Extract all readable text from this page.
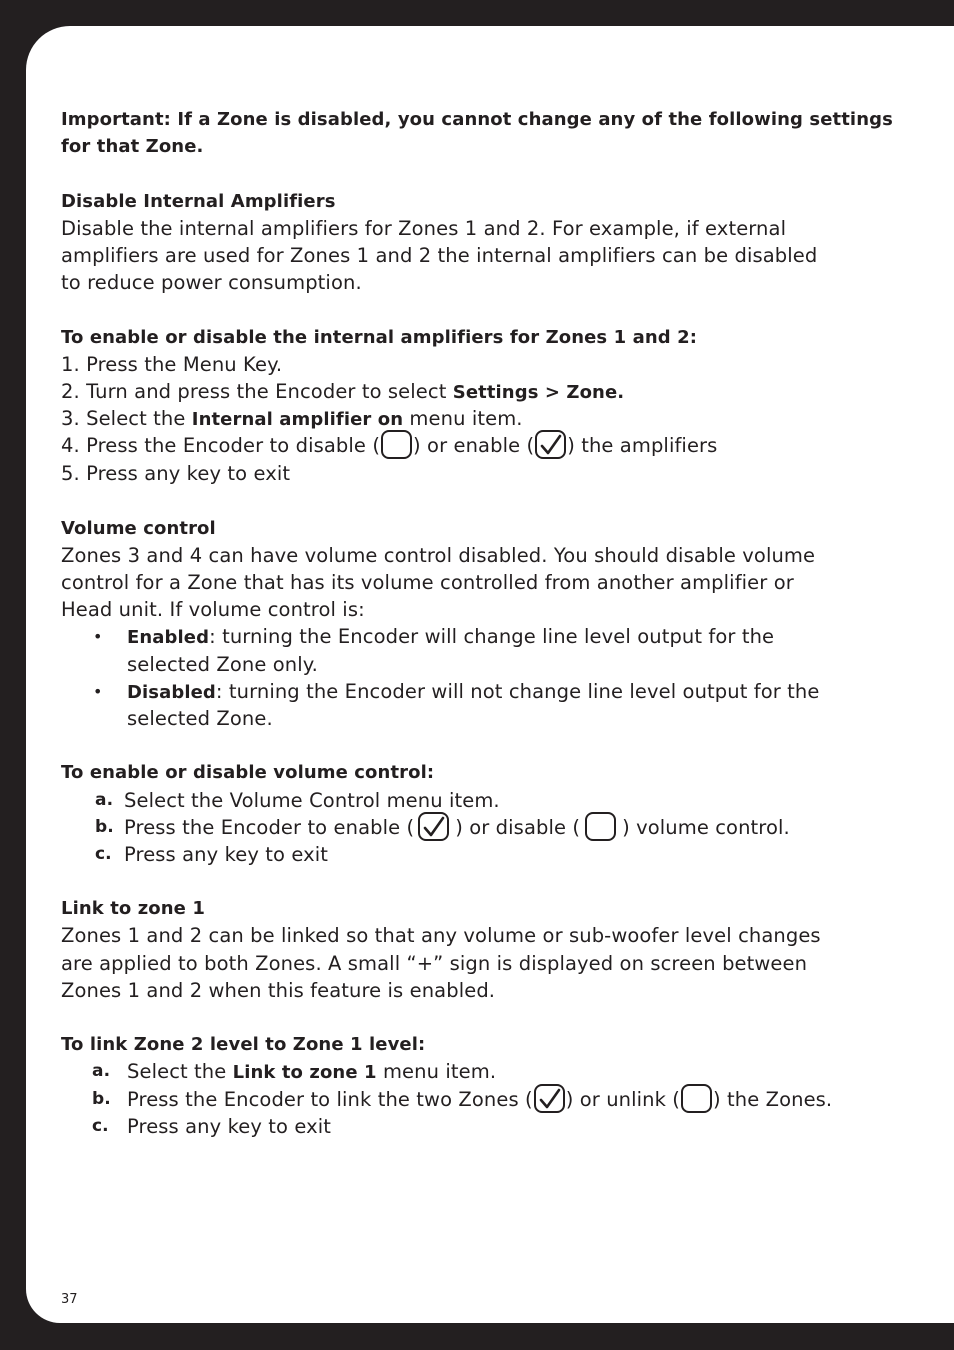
Important: If a Zone is disabled, you cannot change any of the following settings
for that Zone.
Disable Internal Amplifiers
Disable the internal amplifiers for Zones 1 and 2. For example, if external
amplifiers are used for Zones 1 and 2 the internal amplifiers can be disabled
to reduce power consumption.
To enable or disable the internal amplifiers for Zones 1 and 2:
1. Press the Menu Key.
2. Turn and press the Encoder to select Settings > Zone.
3. Select the Internal amplifier on menu item.
4. Press the Encoder to disable ( ) or enable ( ) the amplifiers
5. Press any key to exit
Volume control
Zones 3 and 4 can have volume control disabled. You should disable volume
control for a Zone that has its volume controlled from another amplifier or
Head unit. If volume control is:
• Enabled: turning the Encoder will change line level output for the
selected Zone only.
• Disabled: turning the Encoder will not change line level output for the
selected Zone.
To enable or disable volume control:
a. Select the Volume Control menu item.
b. Press the Encoder to enable ( ) or disable ( ) volume control.
c. Press any key to exit
Link to zone 1
Zones 1 and 2 can be linked so that any volume or sub-woofer level changes
are applied to both Zones. A small “+” sign is displayed on screen between
Zones 1 and 2 when this feature is enabled.
To link Zone 2 level to Zone 1 level:
a. Select the Link to zone 1 menu item.
b. Press the Encoder to link the two Zones ( ) or unlink ( ) the Zones.
c. Press any key to exit
37
